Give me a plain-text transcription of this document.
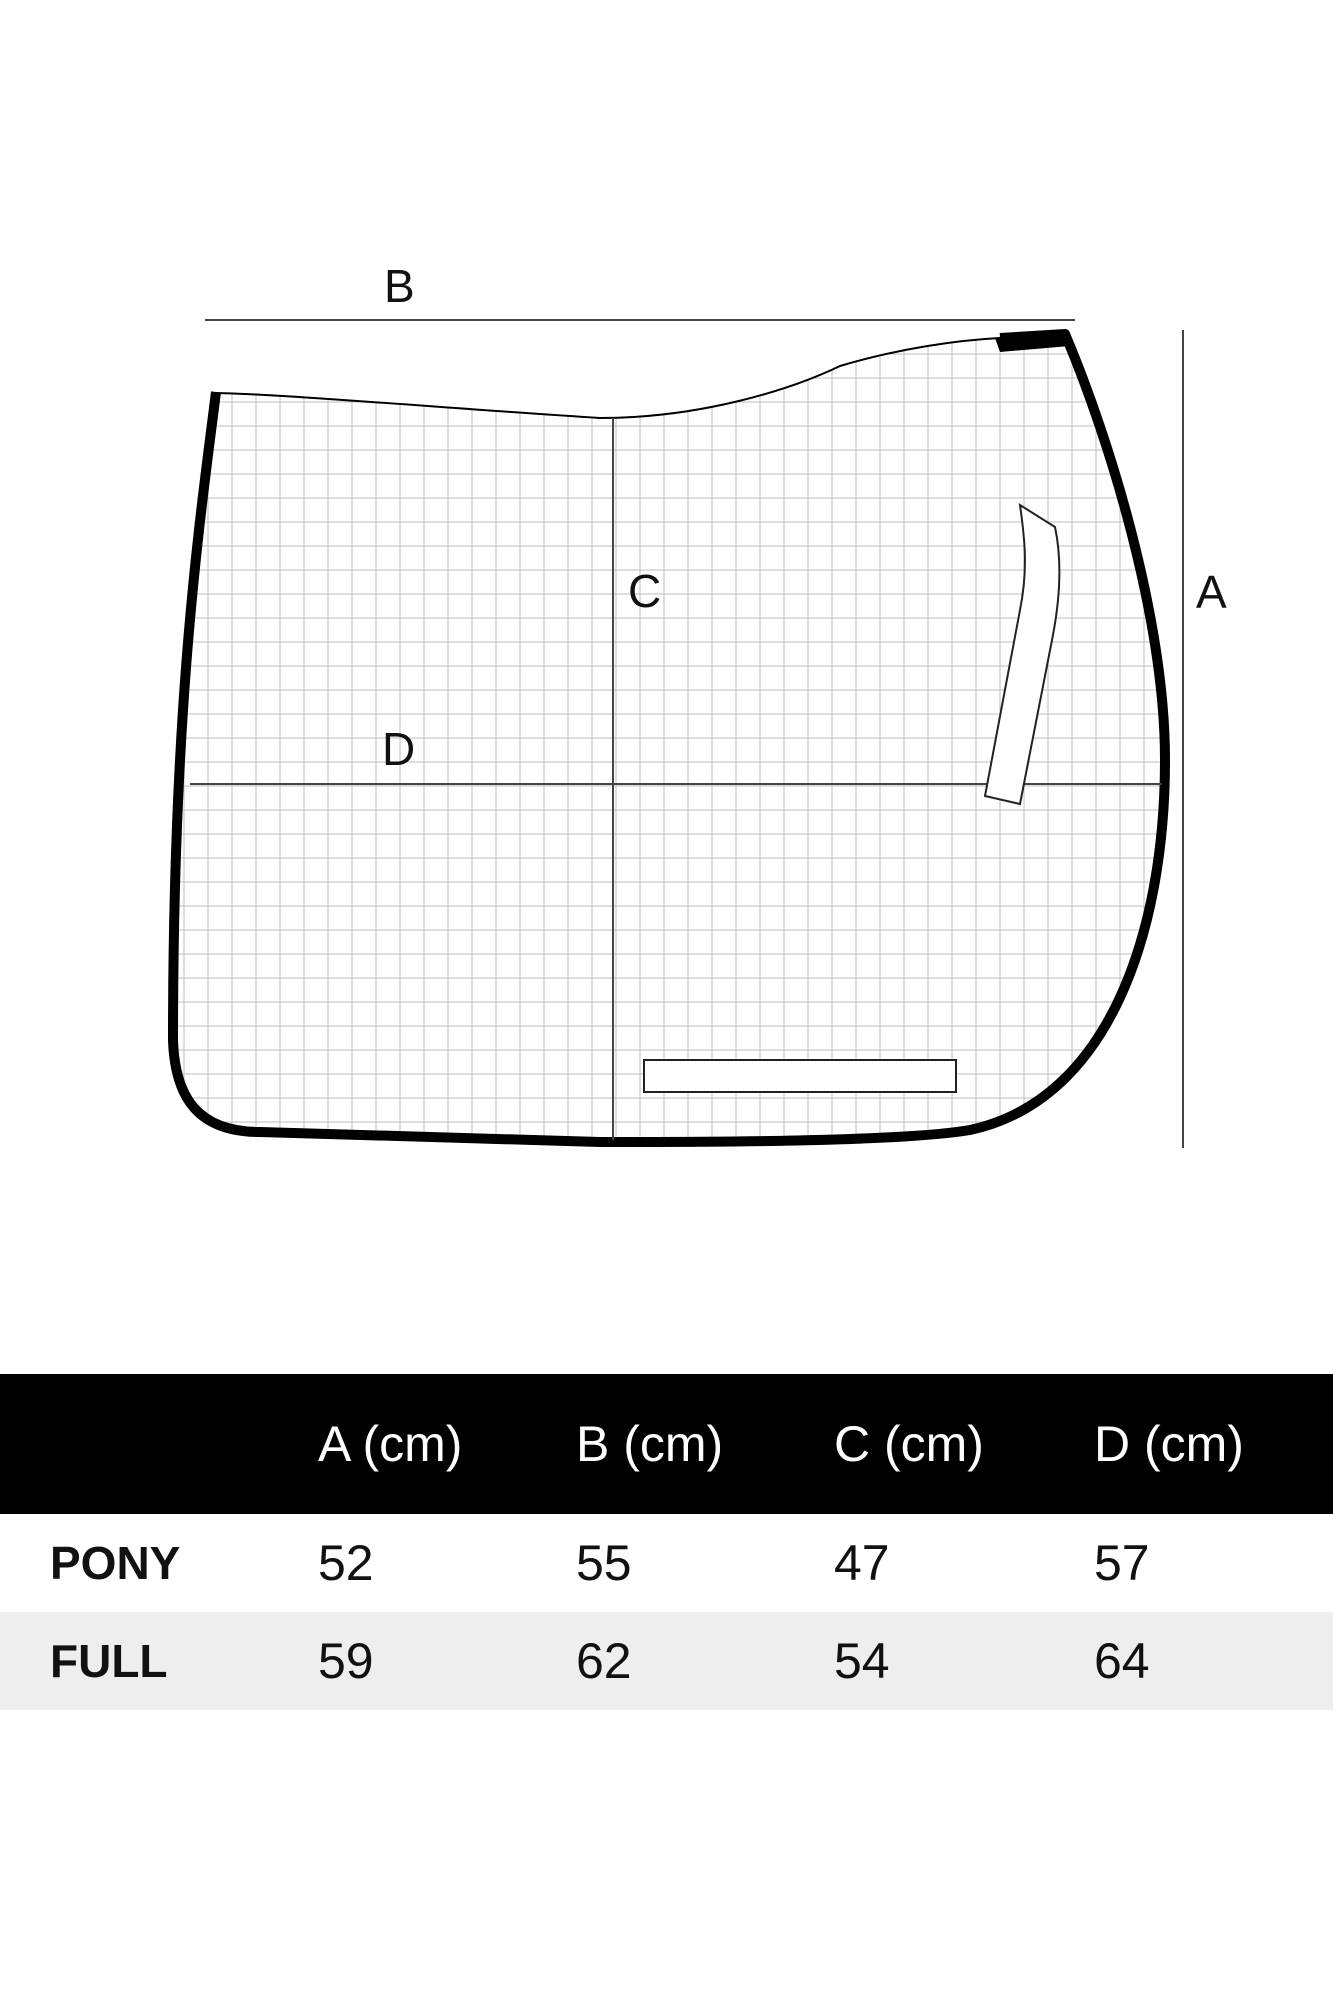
B
A
C
D
	A (cm)	B (cm)	C (cm)	D (cm)
PONY	52	55	47	57
FULL	59	62	54	64
